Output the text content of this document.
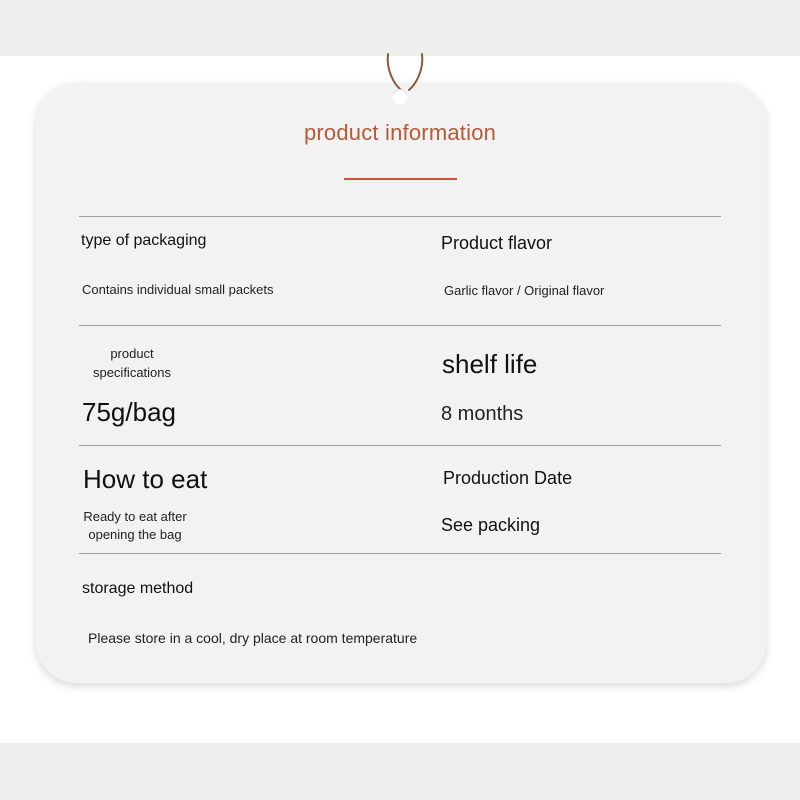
product information
type of packaging
Contains individual small packets
Product flavor
Garlic flavor / Original flavor
product
specifications
75g/bag
shelf life
8 months
How to eat
Ready to eat after
opening the bag
Production Date
See packing
storage method
Please store in a cool, dry place at room temperature
